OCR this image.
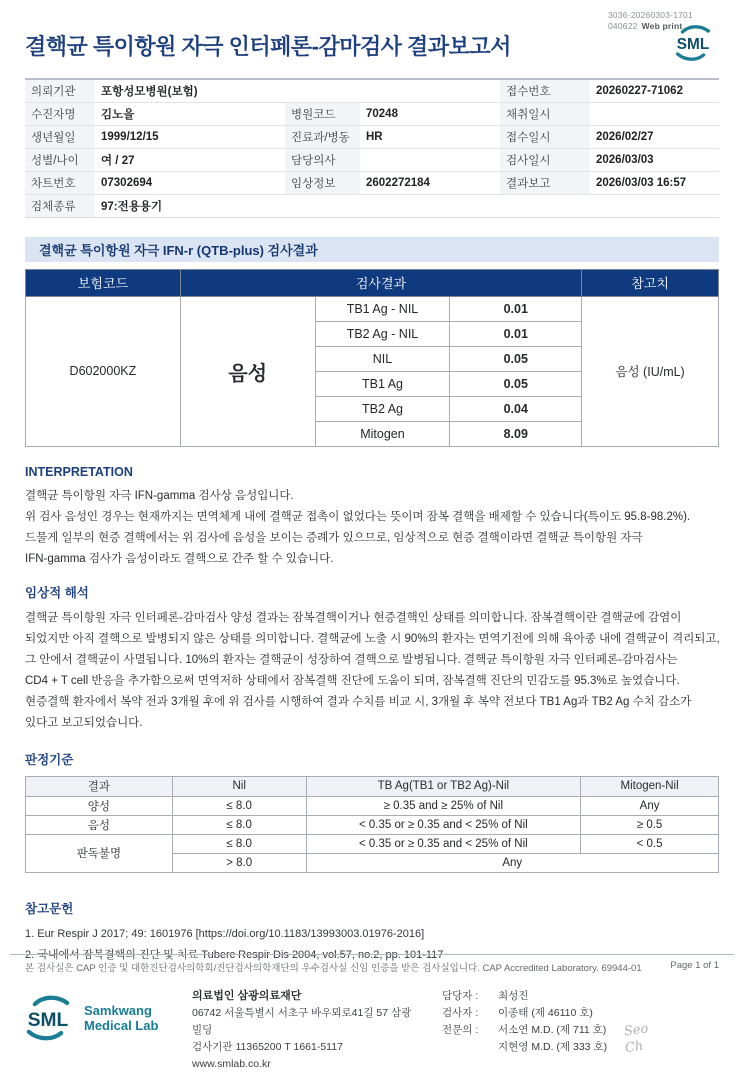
3036-20260303-1701
040622 Web print
결핵균 특이항원 자극 인터페론-감마검사 결과보고서	SML
의뢰기관	포항성모병원(보험)			접수번호	20260227-71062
수진자명	김노을	병원코드	70248	채취일시	
생년월일	1999/12/15	진료과/병동	HR	접수일시	2026/02/27
성별/나이	여 / 27	담당의사		검사일시	2026/03/03
차트번호	07302694	임상정보	2602272184	결과보고	2026/03/03 16:57
검체종류	97:전용용기				
결핵균 특이항원 자극 IFN-r (QTB-plus) 검사결과
보험코드	검사결과			참고치
D602000KZ	음성	TB1 Ag - NIL	0.01	음성 (IU/mL)
		TB2 Ag - NIL	0.01	
		NIL	0.05	
		TB1 Ag	0.05	
		TB2 Ag	0.04	
		Mitogen	8.09	
INTERPRETATION
결핵균 특이항원 자극 IFN-gamma 검사상 음성입니다.
위 검사 음성인 경우는 현재까지는 면역체계 내에 결핵균 접촉이 없었다는 뜻이며 잠복 결핵을 배제할 수 있습니다(특이도 95.8-98.2%).
드물게 일부의 현증 결핵에서는 위 검사에 음성을 보이는 증례가 있으므로, 임상적으로 현증 결핵이라면 결핵균 특이항원 자극
IFN-gamma 검사가 음성이라도 결핵으로 간주 할 수 있습니다.
임상적 해석
결핵균 특이항원 자극 인터페론-감마검사 양성 결과는 잠복결핵이거나 현증결핵인 상태를 의미합니다. 잠복결핵이란 결핵균에 감염이
되었지만 아직 결핵으로 발병되지 않은 상태를 의미합니다. 결핵균에 노출 시 90%의 환자는 면역기전에 의해 육아종 내에 결핵균이 격리되고,
그 안에서 결핵균이 사멸됩니다. 10%의 환자는 결핵균이 성장하여 결핵으로 발병됩니다. 결핵균 특이항원 자극 인터페론-감마검사는
CD4 + T cell 반응을 추가함으로써 면역저하 상태에서 잠복결핵 진단에 도움이 되며, 잠복결핵 진단의 민감도를 95.3%로 높였습니다.
현증결핵 환자에서 복약 전과 3개월 후에 위 검사를 시행하여 결과 수치를 비교 시, 3개월 후 복약 전보다 TB1 Ag과 TB2 Ag 수치 감소가
있다고 보고되었습니다.
판정기준
결과	Nil	TB Ag(TB1 or TB2 Ag)-Nil	Mitogen-Nil
양성	≤ 8.0	≥ 0.35 and ≥ 25% of Nil	Any
음성	≤ 8.0	< 0.35 or ≥ 0.35 and < 25% of Nil	≥ 0.5
판독불명	≤ 8.0	< 0.35 or ≥ 0.35 and < 25% of Nil	< 0.5
	> 8.0	Any	
참고문헌
1. Eur Respir J 2017; 49: 1601976 [https://doi.org/10.1183/13993003.01976-2016]
2. 국내에서 잠복결핵의 진단 및 치료 Tuberc Respir Dis 2004, vol.57, no.2, pp. 101-117
본 검사실은 CAP 인증 및 대한진단검사의학회/진단검사의학재단의 우수검사실 신임 인증을 받은 검사실입니다. CAP Accredited Laboratory. 69944-01	Page 1 of 1
SML Samkwang
Medical Lab
의료법인 삼광의료재단
06742 서울특별시 서초구 바우뫼로41길 57 삼광빌딩
검사기관 11365200 T 1661-5117 www.smlab.co.kr
담당자 :	최성진
검사자 :	이종태 (제 46110 호)
전문의 :	서소연 M.D. (제 711 호) Seo
지현영 M.D. (제 333 호) Ch
